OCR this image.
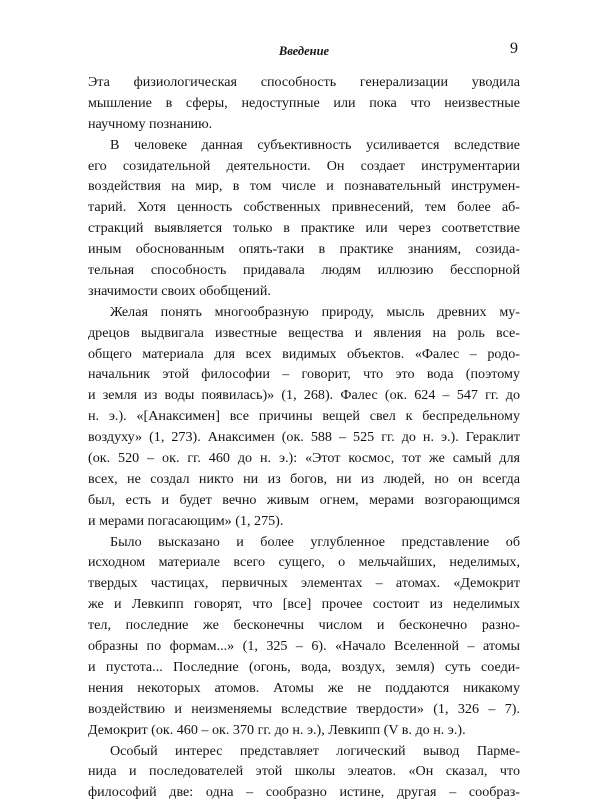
Введение	9
Эта физиологическая способность генерализации уводила
мышление в сферы, недоступные или пока что неизвестные
научному познанию.
В человеке данная субъективность усиливается вследствие
его созидательной деятельности. Он создает инструментарии
воздействия на мир, в том числе и познавательный инструмен-
тарий. Хотя ценность собственных привнесений, тем более аб-
стракций выявляется только в практике или через соответствие
иным обоснованным опять-таки в практике знаниям, созида-
тельная способность придавала людям иллюзию бесспорной
значимости своих обобщений.
Желая понять многообразную природу, мысль древних му-
дрецов выдвигала известные вещества и явления на роль все-
общего материала для всех видимых объектов. «Фалес – родо-
начальник этой философии – говорит, что это вода (поэтому
и земля из воды появилась)» (1, 268). Фалес (ок. 624 – 547 гг. до
н. э.). «[Анаксимен] все причины вещей свел к беспредельному
воздуху» (1, 273). Анаксимен (ок. 588 – 525 гг. до н. э.). Гераклит
(ок. 520 – ок. гг. 460 до н. э.): «Этот космос, тот же самый для
всех, не создал никто ни из богов, ни из людей, но он всегда
был, есть и будет вечно живым огнем, мерами возгорающимся
и мерами погасающим» (1, 275).
Было высказано и более углубленное представление об
исходном материале всего сущего, о мельчайших, неделимых,
твердых частицах, первичных элементах – атомах. «Демокрит
же и Левкипп говорят, что [все] прочее состоит из неделимых
тел, последние же бесконечны числом и бесконечно разно-
образны по формам...» (1, 325 – 6). «Начало Вселенной – атомы
и пустота... Последние (огонь, вода, воздух, земля) суть соеди-
нения некоторых атомов. Атомы же не поддаются никакому
воздействию и неизменяемы вследствие твердости» (1, 326 – 7).
Демокрит (ок. 460 – ок. 370 гг. до н. э.), Левкипп (V в. до н. э.).
Особый интерес представляет логический вывод Парме-
нида и последователей этой школы элеатов. «Он сказал, что
философий две: одна – сообразно истине, другая – сообраз-
